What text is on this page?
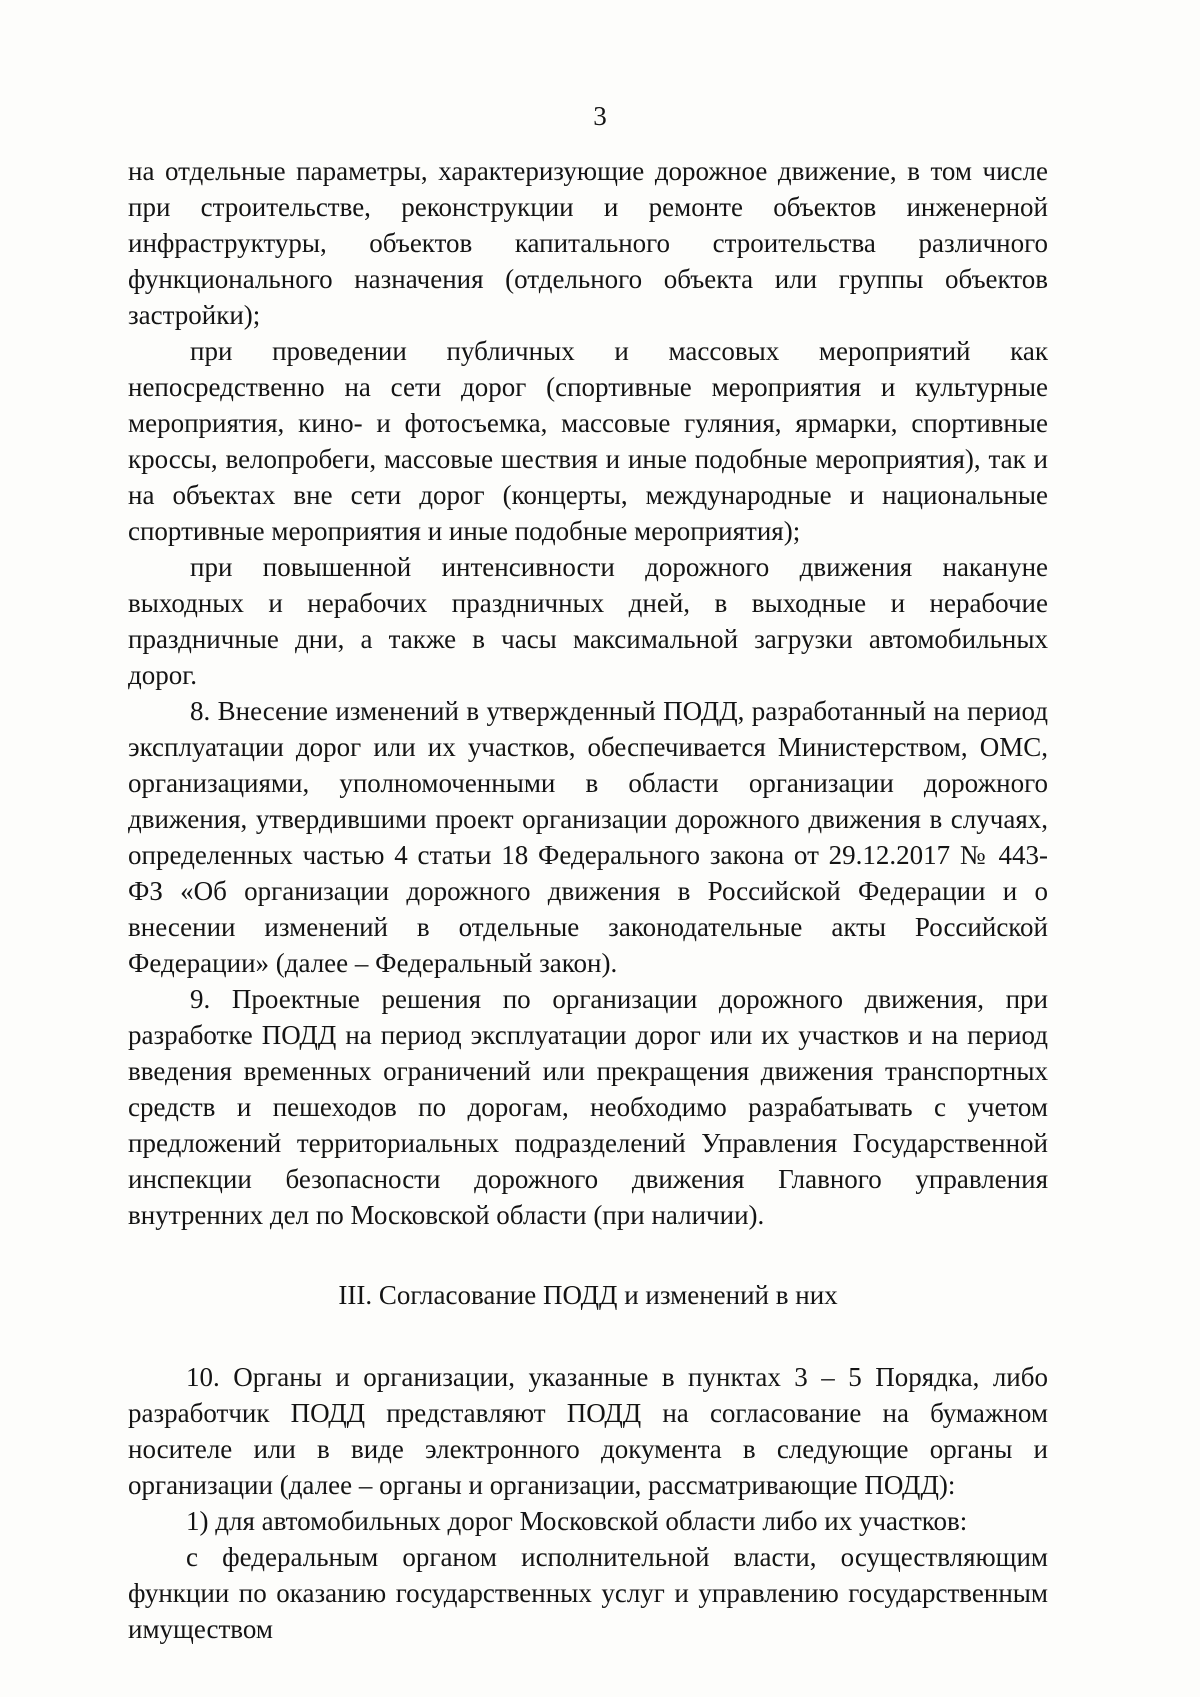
3

на отдельные параметры, характеризующие дорожное движение, в том числе при строительстве, реконструкции и ремонте объектов инженерной инфраструктуры, объектов капитального строительства различного функционального назначения (отдельного объекта или группы объектов застройки);

при проведении публичных и массовых мероприятий как непосредственно на сети дорог (спортивные мероприятия и культурные мероприятия, кино- и фотосъемка, массовые гуляния, ярмарки, спортивные кроссы, велопробеги, массовые шествия и иные подобные мероприятия), так и на объектах вне сети дорог (концерты, международные и национальные спортивные мероприятия и иные подобные мероприятия);

при повышенной интенсивности дорожного движения накануне выходных и нерабочих праздничных дней, в выходные и нерабочие праздничные дни, а также в часы максимальной загрузки автомобильных дорог.

8. Внесение изменений в утвержденный ПОДД, разработанный на период эксплуатации дорог или их участков, обеспечивается Министерством, ОМС, организациями, уполномоченными в области организации дорожного движения, утвердившими проект организации дорожного движения в случаях, определенных частью 4 статьи 18 Федерального закона от 29.12.2017 № 443-ФЗ «Об организации дорожного движения в Российской Федерации и о внесении изменений в отдельные законодательные акты Российской Федерации» (далее – Федеральный закон).

9. Проектные решения по организации дорожного движения, при разработке ПОДД на период эксплуатации дорог или их участков и на период введения временных ограничений или прекращения движения транспортных средств и пешеходов по дорогам, необходимо разрабатывать с учетом предложений территориальных подразделений Управления Государственной инспекции безопасности дорожного движения Главного управления внутренних дел по Московской области (при наличии).

III. Согласование ПОДД и изменений в них

10. Органы и организации, указанные в пунктах 3 – 5 Порядка, либо разработчик ПОДД представляют ПОДД на согласование на бумажном носителе или в виде электронного документа в следующие органы и организации (далее – органы и организации, рассматривающие ПОДД):

1) для автомобильных дорог Московской области либо их участков:

с федеральным органом исполнительной власти, осуществляющим функции по оказанию государственных услуг и управлению государственным имуществом
